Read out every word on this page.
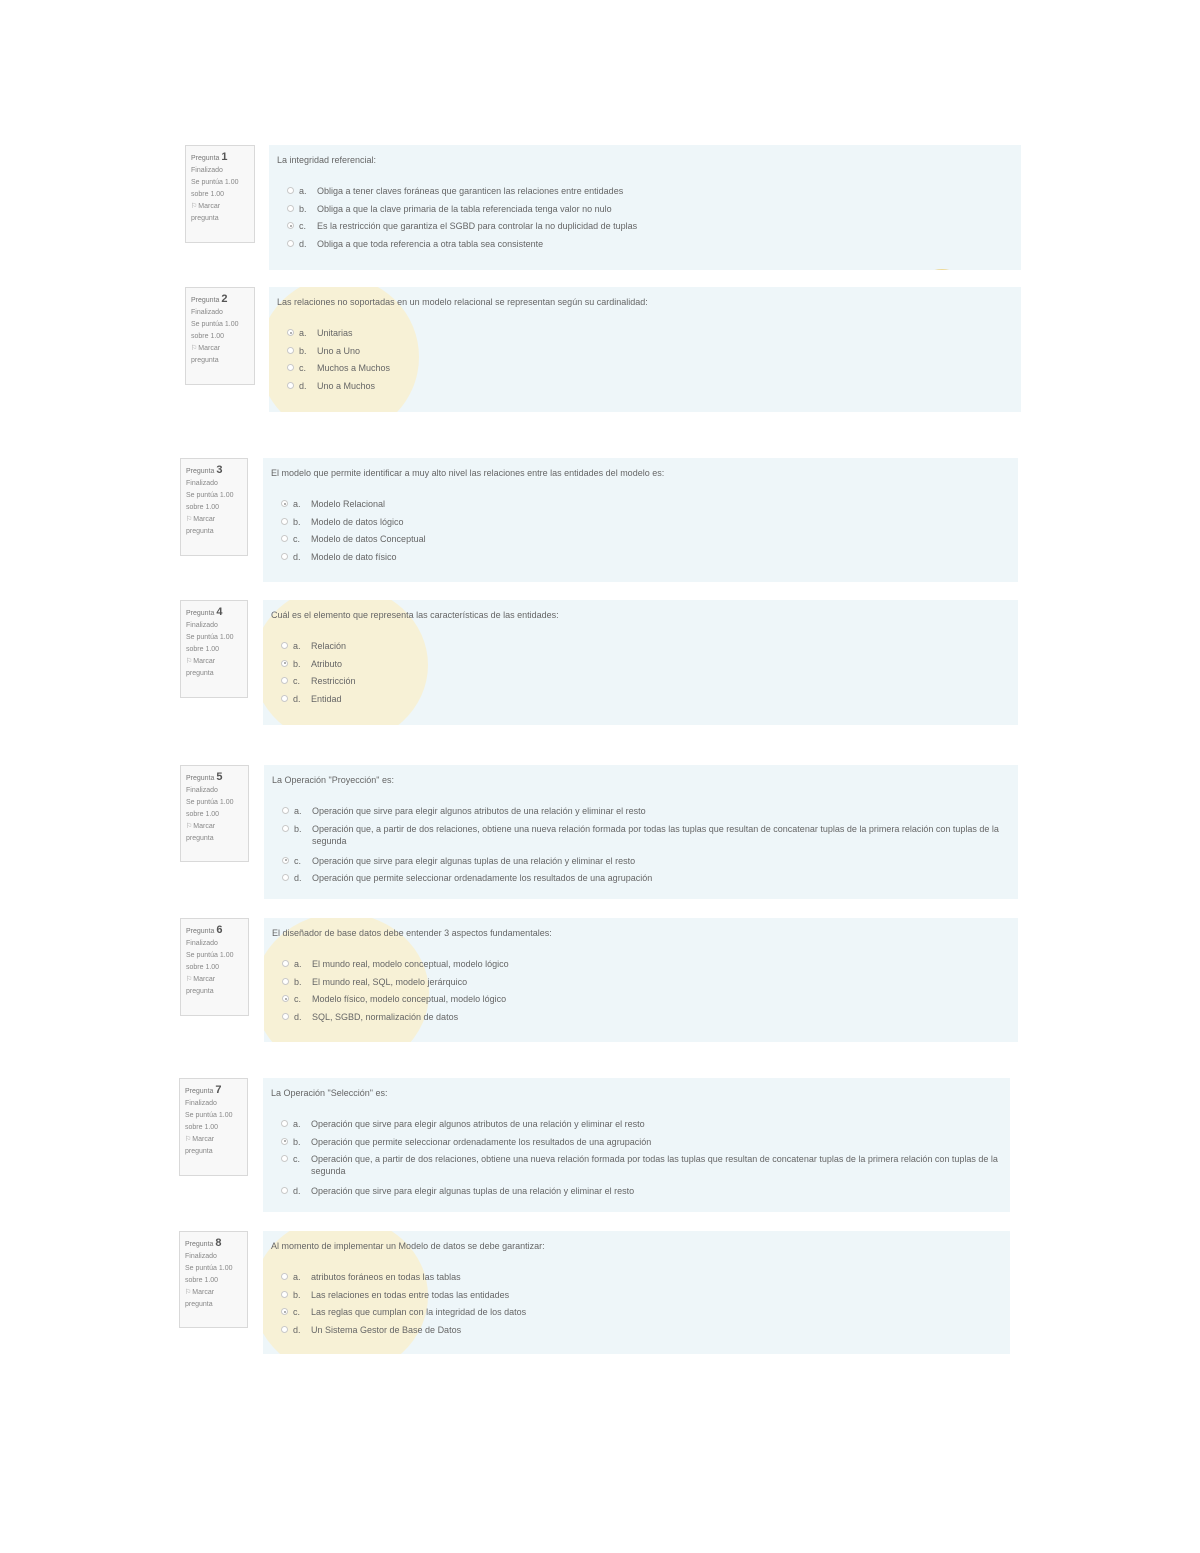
Pregunta 1
Finalizado
Se puntúa 1.00 sobre 1.00
⚐Marcar pregunta
La integridad referencial:
a.	Obliga a tener claves foráneas que garanticen las relaciones entre entidades
b.	Obliga a que la clave primaria de la tabla referenciada tenga valor no nulo
c.	Es la restricción que garantiza el SGBD para controlar la no duplicidad de tuplas
d.	Obliga a que toda referencia a otra tabla sea consistente
Pregunta 2
Finalizado
Se puntúa 1.00 sobre 1.00
⚐Marcar pregunta
Las relaciones no soportadas en un modelo relacional se representan según su cardinalidad:
a.	Unitarias
b.	Uno a Uno
c.	Muchos a Muchos
d.	Uno a Muchos
Pregunta 3
Finalizado
Se puntúa 1.00 sobre 1.00
⚐Marcar pregunta
El modelo que permite identificar a muy alto nivel las relaciones entre las entidades del modelo es:
a.	Modelo Relacional
b.	Modelo de datos lógico
c.	Modelo de datos Conceptual
d.	Modelo de dato físico
Pregunta 4
Finalizado
Se puntúa 1.00 sobre 1.00
⚐Marcar pregunta
Cuál es el elemento que representa las características de las entidades:
a.	Relación
b.	Atributo
c.	Restricción
d.	Entidad
Pregunta 5
Finalizado
Se puntúa 1.00 sobre 1.00
⚐Marcar pregunta
La Operación "Proyección" es:
a.	Operación que sirve para elegir algunos atributos de una relación y eliminar el resto
b.	Operación que, a partir de dos relaciones, obtiene una nueva relación formada por todas las tuplas que resultan de concatenar tuplas de la primera relación con tuplas de la segunda
c.	Operación que sirve para elegir algunas tuplas de una relación y eliminar el resto
d.	Operación que permite seleccionar ordenadamente los resultados de una agrupación
Pregunta 6
Finalizado
Se puntúa 1.00 sobre 1.00
⚐Marcar pregunta
El diseñador de base datos debe entender 3 aspectos fundamentales:
a.	El mundo real, modelo conceptual, modelo lógico
b.	El mundo real, SQL, modelo jerárquico
c.	Modelo físico, modelo conceptual, modelo lógico
d.	SQL, SGBD, normalización de datos
Pregunta 7
Finalizado
Se puntúa 1.00 sobre 1.00
⚐Marcar pregunta
La Operación "Selección" es:
a.	Operación que sirve para elegir algunos atributos de una relación y eliminar el resto
b.	Operación que permite seleccionar ordenadamente los resultados de una agrupación
c.	Operación que, a partir de dos relaciones, obtiene una nueva relación formada por todas las tuplas que resultan de concatenar tuplas de la primera relación con tuplas de la segunda
d.	Operación que sirve para elegir algunas tuplas de una relación y eliminar el resto
Pregunta 8
Finalizado
Se puntúa 1.00 sobre 1.00
⚐Marcar pregunta
Al momento de implementar un Modelo de datos se debe garantizar:
a.	atributos foráneos en todas las tablas
b.	Las relaciones en todas entre todas las entidades
c.	Las reglas que cumplan con la integridad de los datos
d.	Un Sistema Gestor de Base de Datos
